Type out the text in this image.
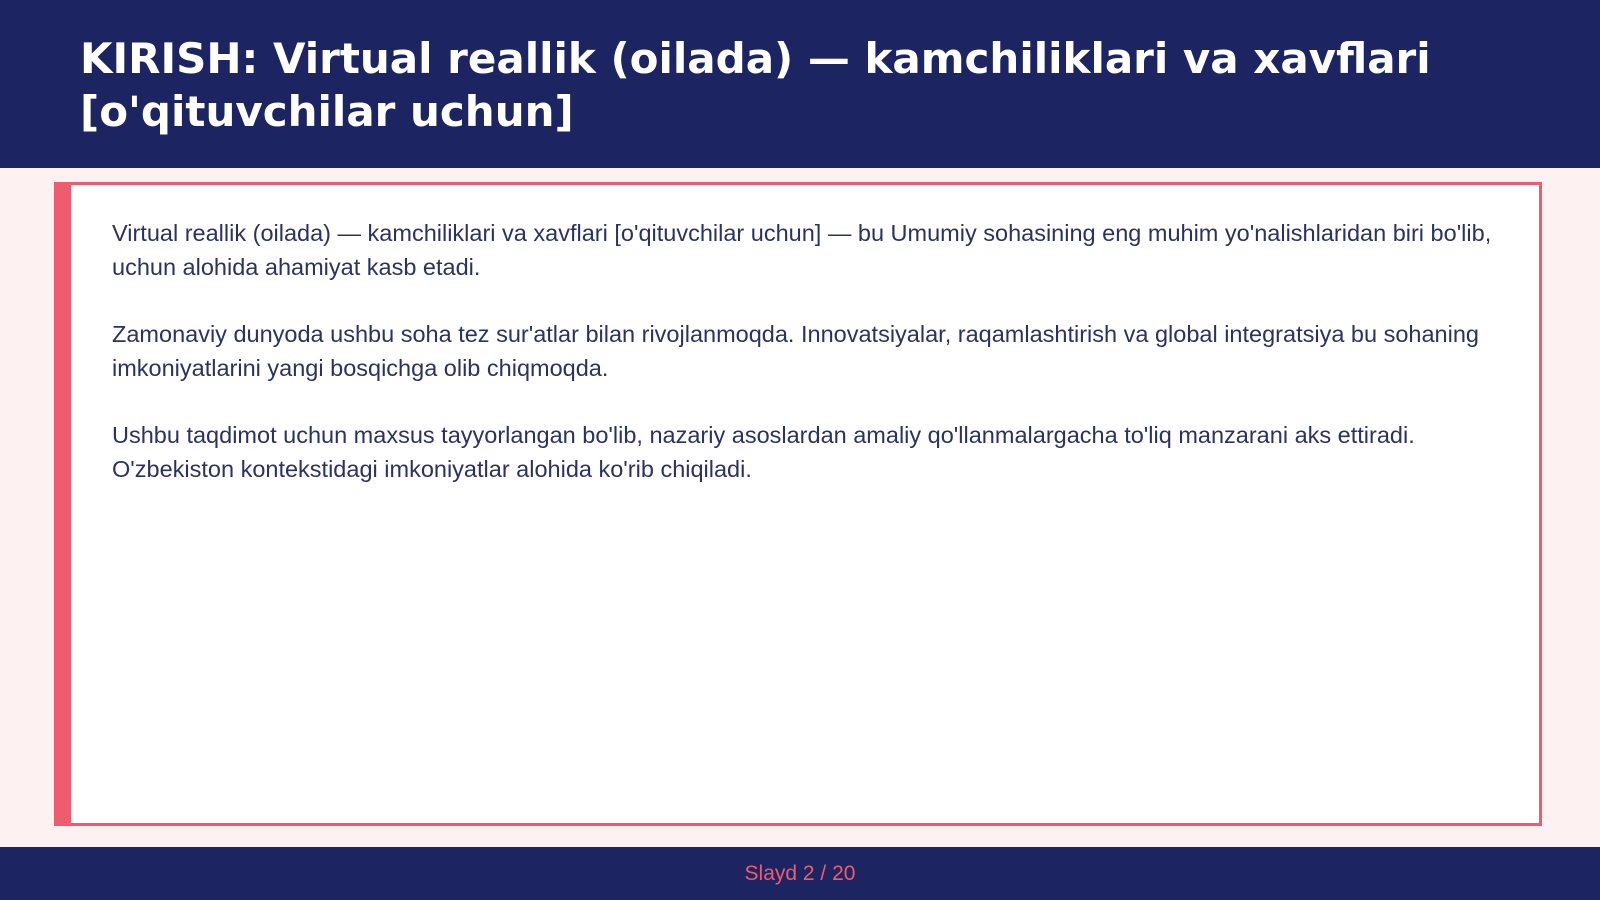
KIRISH: Virtual reallik (oilada) — kamchiliklari va xavflari [o'qituvchilar uchun]

Virtual reallik (oilada) — kamchiliklari va xavflari [o'qituvchilar uchun] — bu Umumiy sohasining eng muhim yo'nalishlaridan biri bo'lib, uchun alohida ahamiyat kasb etadi.

Zamonaviy dunyoda ushbu soha tez sur'atlar bilan rivojlanmoqda. Innovatsiyalar, raqamlashtirish va global integratsiya bu sohaning imkoniyatlarini yangi bosqichga olib chiqmoqda.

Ushbu taqdimot uchun maxsus tayyorlangan bo'lib, nazariy asoslardan amaliy qo'llanmalargacha to'liq manzarani aks ettiradi. O'zbekiston kontekstidagi imkoniyatlar alohida ko'rib chiqiladi.

Slayd 2 / 20
